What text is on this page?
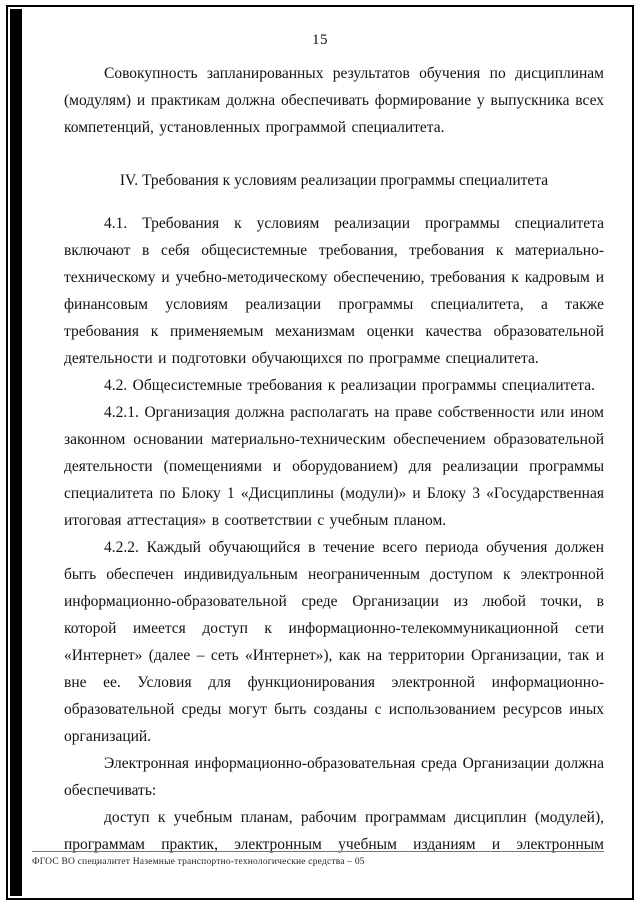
15

Совокупность запланированных результатов обучения по дисциплинам (модулям) и практикам должна обеспечивать формирование у выпускника всех компетенций, установленных программой специалитета.

IV. Требования к условиям реализации программы специалитета

4.1. Требования к условиям реализации программы специалитета включают в себя общесистемные требования, требования к материально-техническому и учебно-методическому обеспечению, требования к кадровым и финансовым условиям реализации программы специалитета, а также требования к применяемым механизмам оценки качества образовательной деятельности и подготовки обучающихся по программе специалитета.

4.2. Общесистемные требования к реализации программы специалитета.

4.2.1. Организация должна располагать на праве собственности или ином законном основании материально-техническим обеспечением образовательной деятельности (помещениями и оборудованием) для реализации программы специалитета по Блоку 1 «Дисциплины (модули)» и Блоку 3 «Государственная итоговая аттестация» в соответствии с учебным планом.

4.2.2. Каждый обучающийся в течение всего периода обучения должен быть обеспечен индивидуальным неограниченным доступом к электронной информационно-образовательной среде Организации из любой точки, в которой имеется доступ к информационно-телекоммуникационной сети «Интернет» (далее – сеть «Интернет»), как на территории Организации, так и вне ее. Условия для функционирования электронной информационно-образовательной среды могут быть созданы с использованием ресурсов иных организаций.

Электронная информационно-образовательная среда Организации должна обеспечивать:

доступ к учебным планам, рабочим программам дисциплин (модулей), программам практик, электронным учебным изданиям и электронным

ФГОС ВО специалитет Наземные транспортно-технологические средства – 05
